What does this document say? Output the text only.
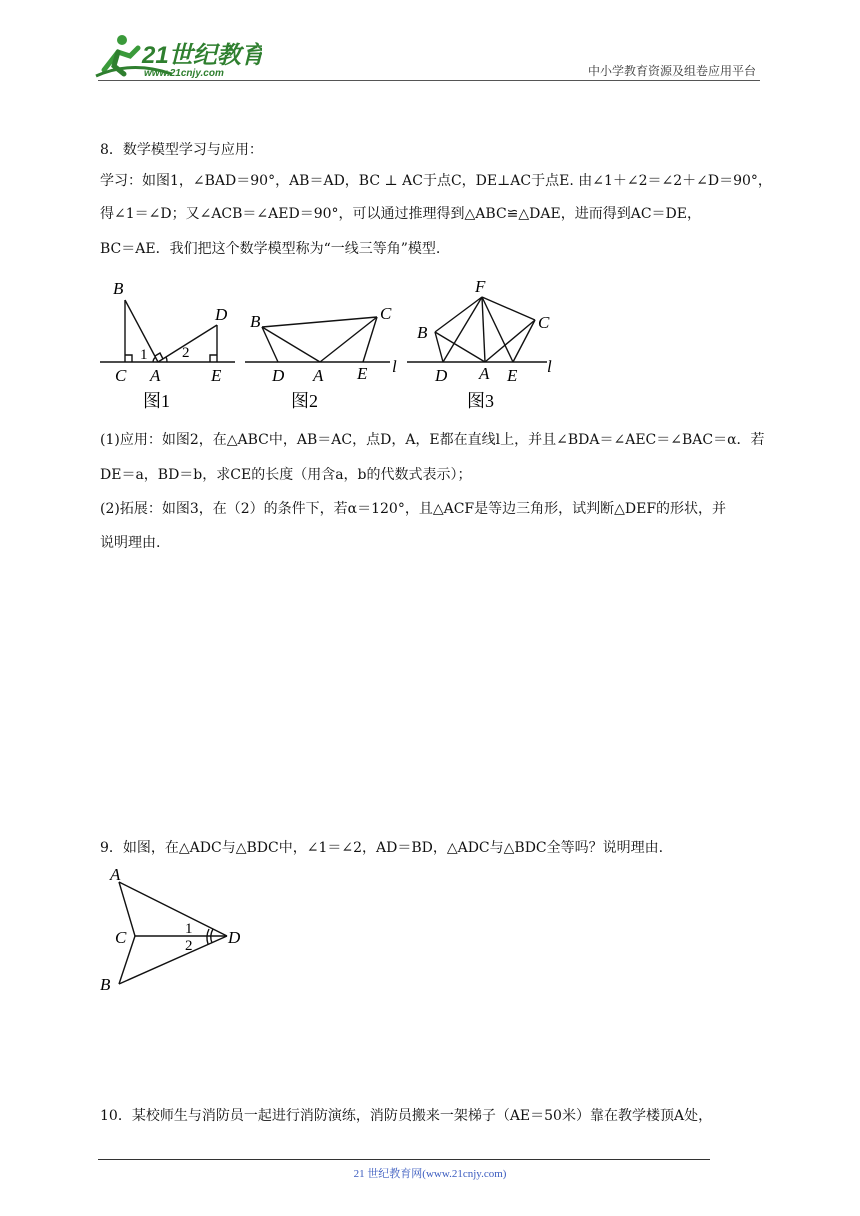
21世纪教育
www.21cnjy.com	中小学教育资源及组卷应用平台
8．数学模型学习与应用：
学习：如图1，∠BAD＝90°，AB＝AD，BC ⊥ AC于点C，DE⊥AC于点E. 由∠1＋∠2＝∠2＋∠D＝90°，
得∠1＝∠D；又∠ACB＝∠AED＝90°，可以通过推理得到△ABC≌△DAE，进而得到AC＝DE，
BC＝AE．我们把这个数学模型称为“一线三等角”模型.
B
D
C A	E
1 2
图1
B	C
D A E l
图2
F
B
C
D A E l
图3
(1)应用：如图2，在△ABC中，AB＝AC，点D，A，E都在直线l上，并且∠BDA＝∠AEC＝∠BAC＝α．若
DE＝a，BD＝b，求CE的长度（用含a，b的代数式表示）；
(2)拓展：如图3，在（2）的条件下，若α＝120°，且△ACF是等边三角形，试判断△DEF的形状，并
说明理由.
9．如图，在△ADC与△BDC中，∠1＝∠2，AD＝BD，△ADC与△BDC全等吗？说明理由.
A
C
B
D
1
2
10．某校师生与消防员一起进行消防演练，消防员搬来一架梯子（AE＝50米）靠在教学楼顶A处，
21 世纪教育网(www.21cnjy.com)
